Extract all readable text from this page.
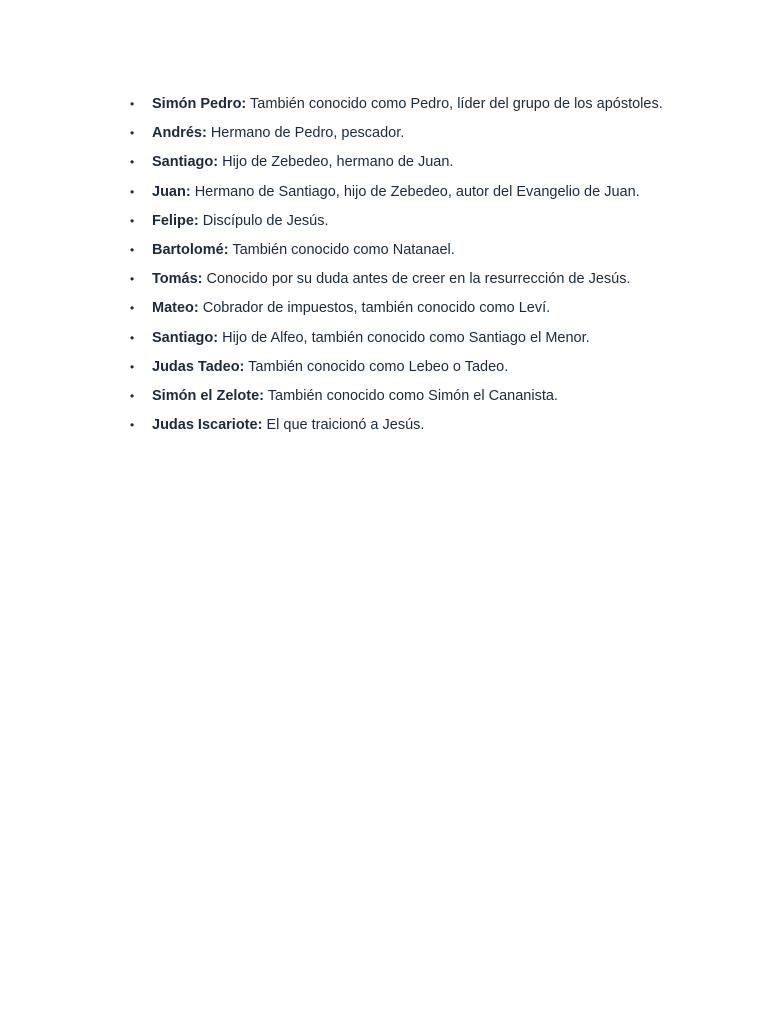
• Simón Pedro: También conocido como Pedro, líder del grupo de los apóstoles.
• Andrés: Hermano de Pedro, pescador.
• Santiago: Hijo de Zebedeo, hermano de Juan.
• Juan: Hermano de Santiago, hijo de Zebedeo, autor del Evangelio de Juan.
• Felipe: Discípulo de Jesús.
• Bartolomé: También conocido como Natanael.
• Tomás: Conocido por su duda antes de creer en la resurrección de Jesús.
• Mateo: Cobrador de impuestos, también conocido como Leví.
• Santiago: Hijo de Alfeo, también conocido como Santiago el Menor.
• Judas Tadeo: También conocido como Lebeo o Tadeo.
• Simón el Zelote: También conocido como Simón el Cananista.
• Judas Iscariote: El que traicionó a Jesús.
